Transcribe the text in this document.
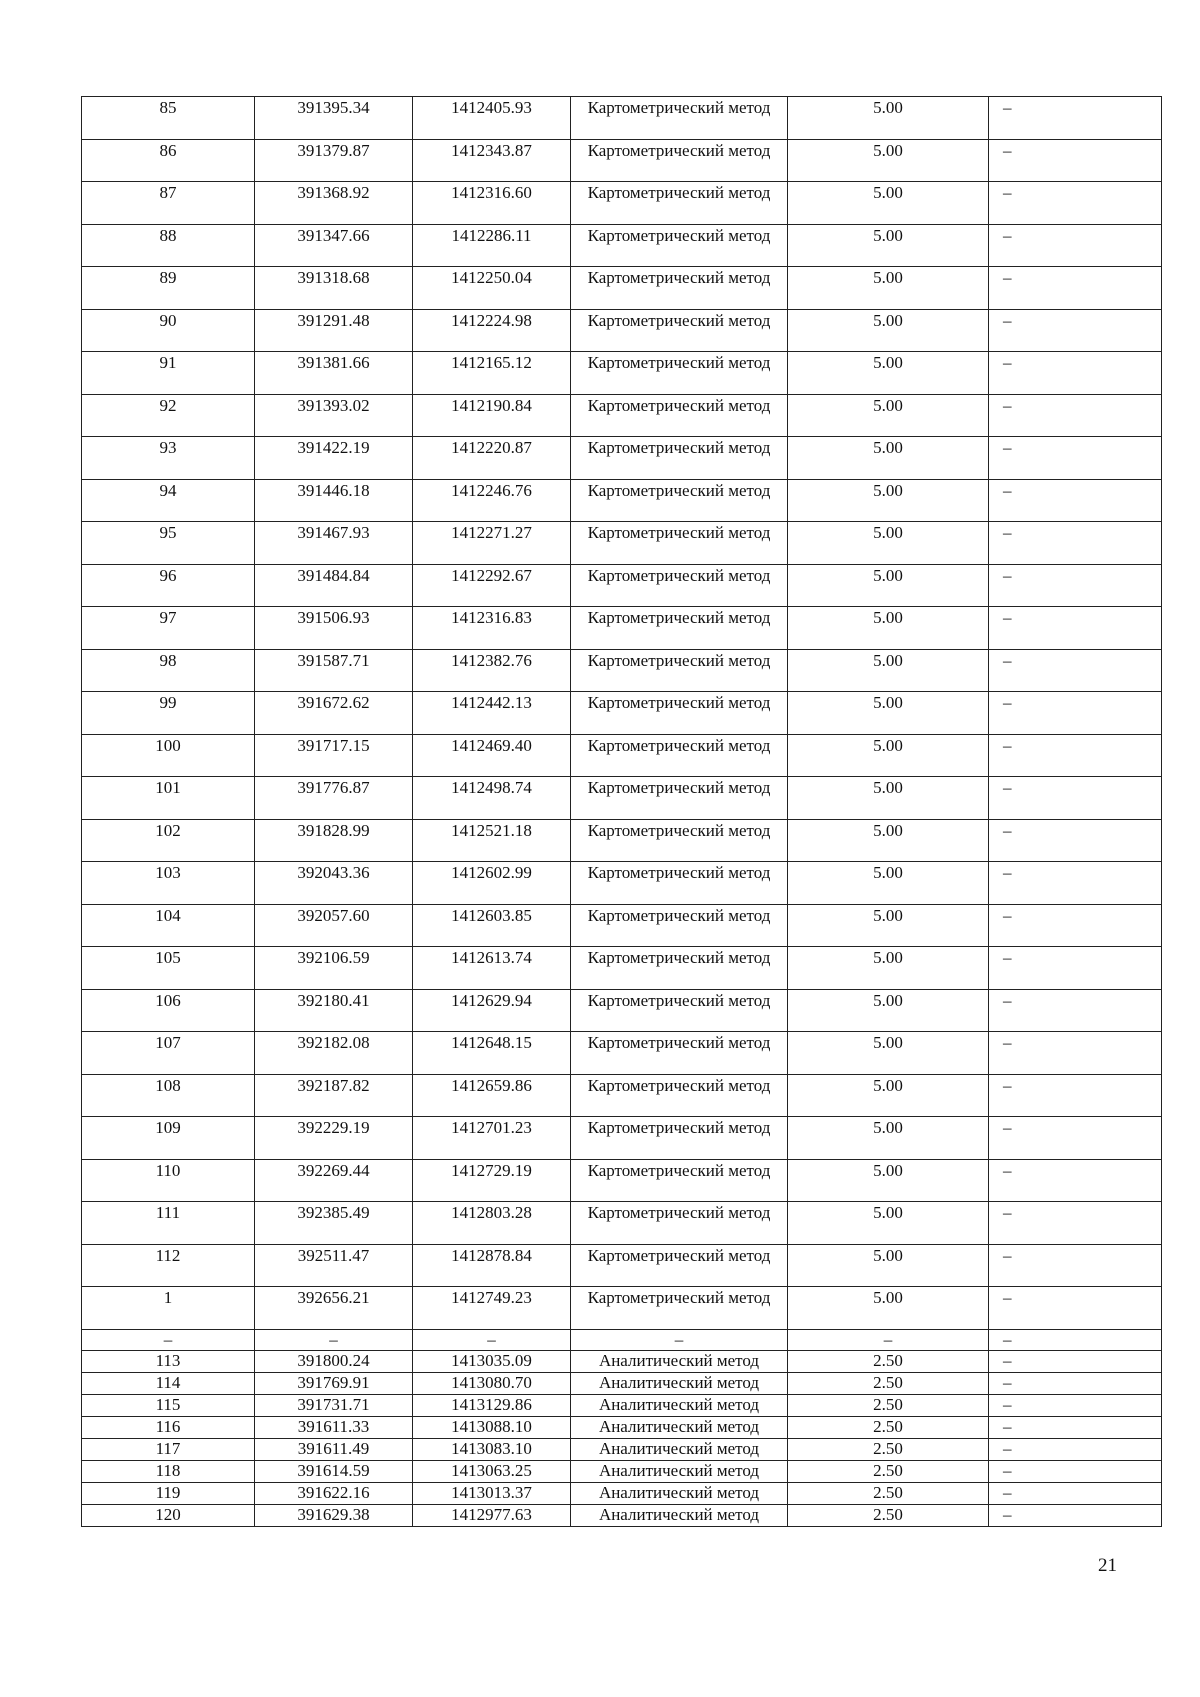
85	391395.34	1412405.93	Картометрический метод	5.00	–
86	391379.87	1412343.87	Картометрический метод	5.00	–
87	391368.92	1412316.60	Картометрический метод	5.00	–
88	391347.66	1412286.11	Картометрический метод	5.00	–
89	391318.68	1412250.04	Картометрический метод	5.00	–
90	391291.48	1412224.98	Картометрический метод	5.00	–
91	391381.66	1412165.12	Картометрический метод	5.00	–
92	391393.02	1412190.84	Картометрический метод	5.00	–
93	391422.19	1412220.87	Картометрический метод	5.00	–
94	391446.18	1412246.76	Картометрический метод	5.00	–
95	391467.93	1412271.27	Картометрический метод	5.00	–
96	391484.84	1412292.67	Картометрический метод	5.00	–
97	391506.93	1412316.83	Картометрический метод	5.00	–
98	391587.71	1412382.76	Картометрический метод	5.00	–
99	391672.62	1412442.13	Картометрический метод	5.00	–
100	391717.15	1412469.40	Картометрический метод	5.00	–
101	391776.87	1412498.74	Картометрический метод	5.00	–
102	391828.99	1412521.18	Картометрический метод	5.00	–
103	392043.36	1412602.99	Картометрический метод	5.00	–
104	392057.60	1412603.85	Картометрический метод	5.00	–
105	392106.59	1412613.74	Картометрический метод	5.00	–
106	392180.41	1412629.94	Картометрический метод	5.00	–
107	392182.08	1412648.15	Картометрический метод	5.00	–
108	392187.82	1412659.86	Картометрический метод	5.00	–
109	392229.19	1412701.23	Картометрический метод	5.00	–
110	392269.44	1412729.19	Картометрический метод	5.00	–
111	392385.49	1412803.28	Картометрический метод	5.00	–
112	392511.47	1412878.84	Картометрический метод	5.00	–
1	392656.21	1412749.23	Картометрический метод	5.00	–
–	–	–	–	–	–
113	391800.24	1413035.09	Аналитический метод	2.50	–
114	391769.91	1413080.70	Аналитический метод	2.50	–
115	391731.71	1413129.86	Аналитический метод	2.50	–
116	391611.33	1413088.10	Аналитический метод	2.50	–
117	391611.49	1413083.10	Аналитический метод	2.50	–
118	391614.59	1413063.25	Аналитический метод	2.50	–
119	391622.16	1413013.37	Аналитический метод	2.50	–
120	391629.38	1412977.63	Аналитический метод	2.50	–
21
